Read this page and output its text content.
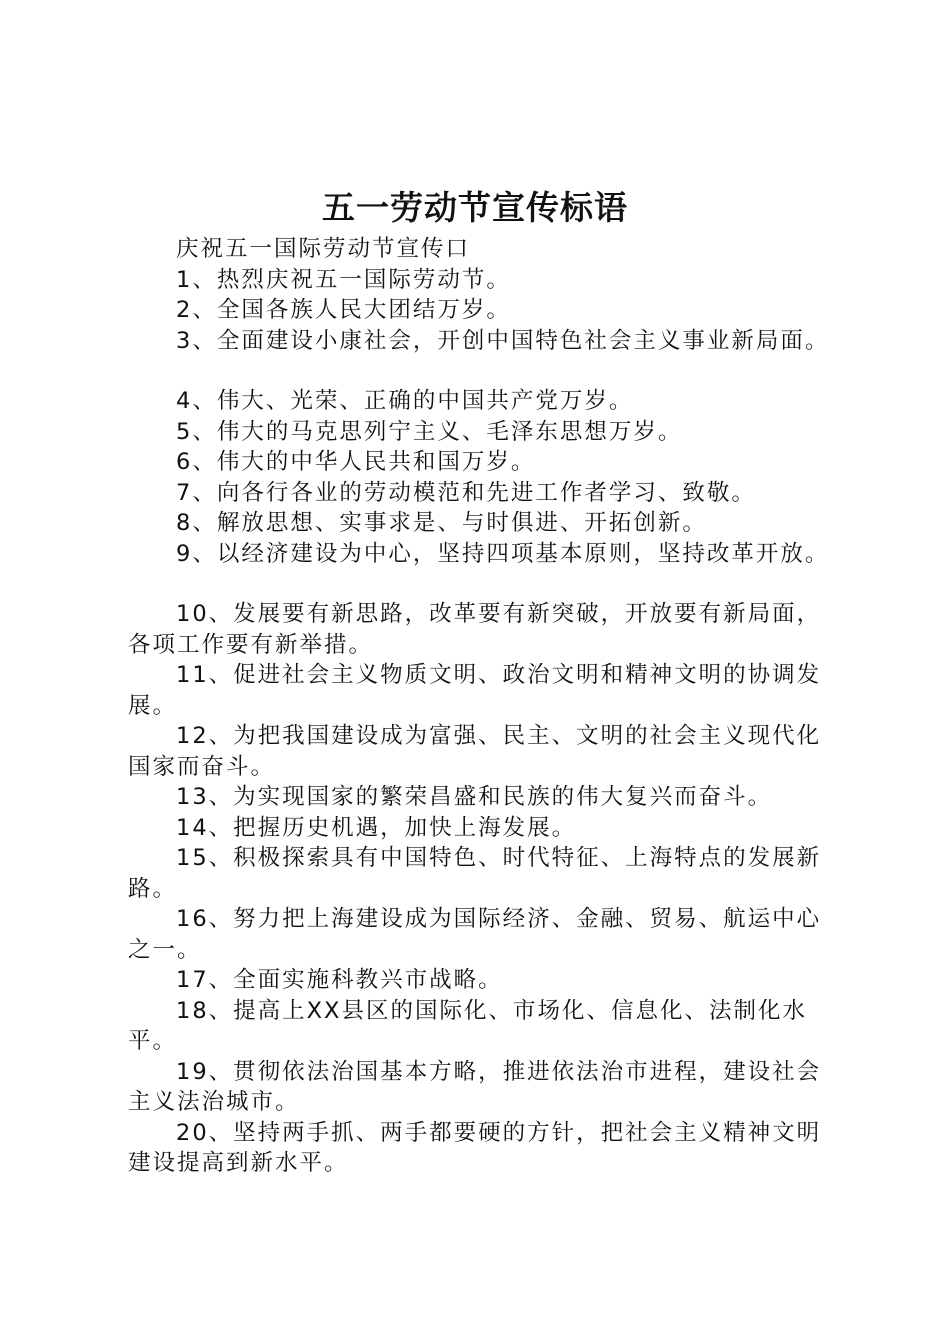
五一劳动节宣传标语

庆祝五一国际劳动节宣传口

1、热烈庆祝五一国际劳动节。

2、全国各族人民大团结万岁。

3、全面建设小康社会，开创中国特色社会主义事业新局面。

4、伟大、光荣、正确的中国共产党万岁。

5、伟大的马克思列宁主义、毛泽东思想万岁。

6、伟大的中华人民共和国万岁。

7、向各行各业的劳动模范和先进工作者学习、致敬。

8、解放思想、实事求是、与时俱进、开拓创新。

9、以经济建设为中心，坚持四项基本原则，坚持改革开放。

10、发展要有新思路，改革要有新突破，开放要有新局面，各项工作要有新举措。

11、促进社会主义物质文明、政治文明和精神文明的协调发展。

12、为把我国建设成为富强、民主、文明的社会主义现代化国家而奋斗。

13、为实现国家的繁荣昌盛和民族的伟大复兴而奋斗。

14、把握历史机遇，加快上海发展。

15、积极探索具有中国特色、时代特征、上海特点的发展新路。

16、努力把上海建设成为国际经济、金融、贸易、航运中心之一。

17、全面实施科教兴市战略。

18、提高上XX县区的国际化、市场化、信息化、法制化水平。

19、贯彻依法治国基本方略，推进依法治市进程，建设社会主义法治城市。

20、坚持两手抓、两手都要硬的方针，把社会主义精神文明建设提高到新水平。
